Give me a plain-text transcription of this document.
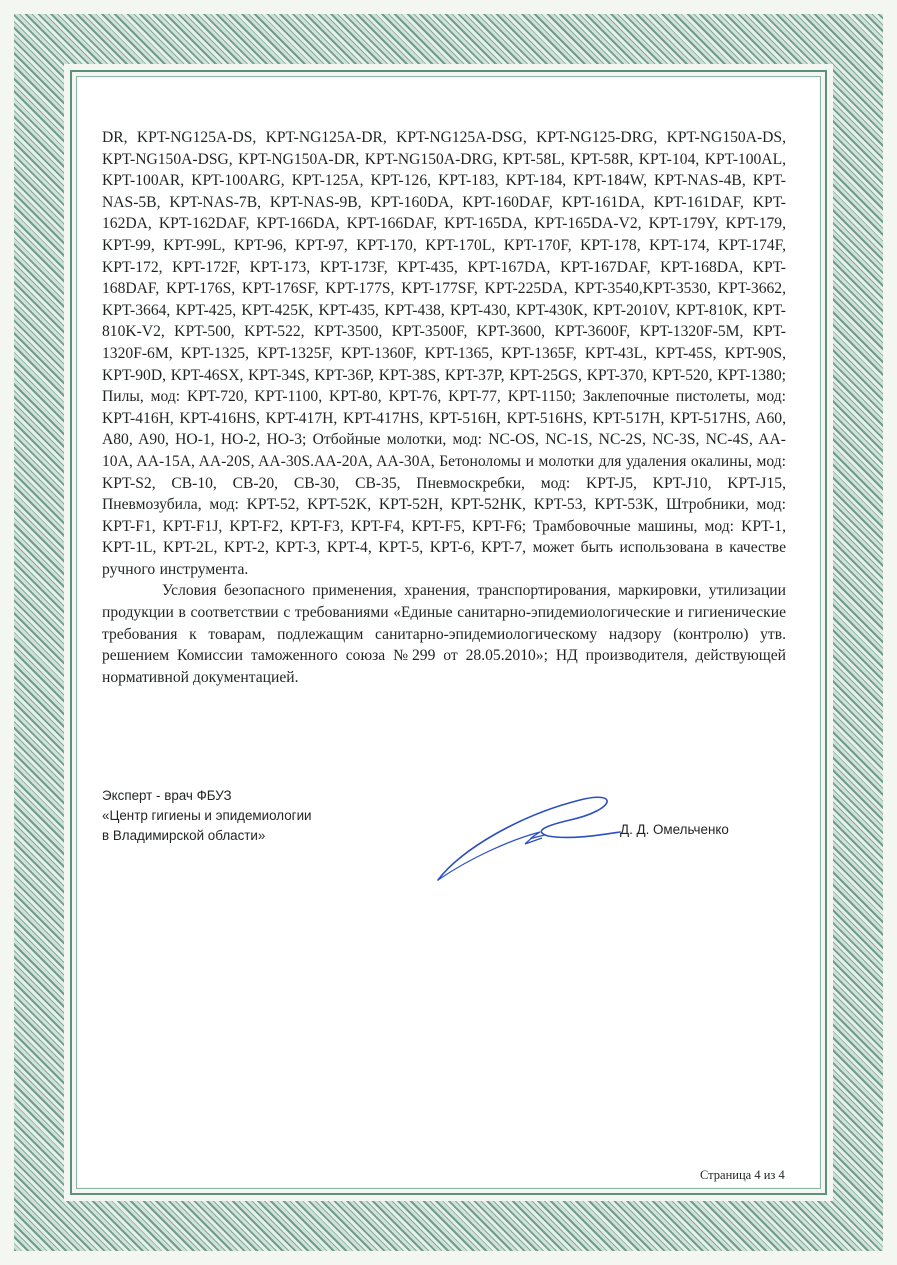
DR, KPT-NG125A-DS, KPT-NG125A-DR, KPT-NG125A-DSG, KPT-NG125-DRG, KPT-NG150A-DS, KPT-NG150A-DSG, KPT-NG150A-DR, KPT-NG150A-DRG, KPT-58L, KPT-58R, KPT-104, KPT-100AL, KPT-100AR, KPT-100ARG, KPT-125A, KPT-126, KPT-183, KPT-184, KPT-184W, KPT-NAS-4B, KPT-NAS-5B, KPT-NAS-7B, KPT-NAS-9B, KPT-160DA, KPT-160DAF, KPT-161DA, KPT-161DAF, KPT-162DA, KPT-162DAF, KPT-166DA, KPT-166DAF, KPT-165DA, KPT-165DA-V2, KPT-179Y, KPT-179, KPT-99, KPT-99L, KPT-96, KPT-97, KPT-170, KPT-170L, KPT-170F, KPT-178, KPT-174, KPT-174F, KPT-172, KPT-172F, KPT-173, KPT-173F, KPT-435, KPT-167DA, KPT-167DAF, KPT-168DA, KPT-168DAF, KPT-176S, KPT-176SF, KPT-177S, KPT-177SF, KPT-225DA, KPT-3540,KPT-3530, KPT-3662, KPT-3664, KPT-425, KPT-425K, KPT-435, KPT-438, KPT-430, KPT-430K, KPT-2010V, KPT-810K, KPT-810K-V2, KPT-500, KPT-522, KPT-3500, KPT-3500F, KPT-3600, KPT-3600F, KPT-1320F-5M, KPT-1320F-6M, KPT-1325, KPT-1325F, KPT-1360F, KPT-1365, KPT-1365F, KPT-43L, KPT-45S, KPT-90S, KPT-90D, KPT-46SX, KPT-34S, KPT-36P, KPT-38S, KPT-37P, KPT-25GS, KPT-370, KPT-520, KPT-1380; Пилы, мод: KPT-720, KPT-1100, KPT-80, KPT-76, KPT-77, KPT-1150; Заклепочные пистолеты, мод: KPT-416H, KPT-416HS, KPT-417H, KPT-417HS, KPT-516H, KPT-516HS, KPT-517H, KPT-517HS, A60, A80, A90, HO-1, HO-2, HO-3; Отбойные молотки, мод: NC-OS, NC-1S, NC-2S, NC-3S, NC-4S, AA-10A, AA-15A, AA-20S, AA-30S.AA-20A, AA-30A, Бетоноломы и молотки для удаления окалины, мод: KPT-S2, CB-10, CB-20, CB-30, CB-35, Пневмоскребки, мод: KPT-J5, KPT-J10, KPT-J15, Пневмозубила, мод: KPT-52, KPT-52K, KPT-52H, KPT-52HK, KPT-53, KPT-53K, Штробники, мод: KPT-F1, KPT-F1J, KPT-F2, KPT-F3, KPT-F4, KPT-F5, KPT-F6; Трамбовочные машины, мод: KPT-1, KPT-1L, KPT-2L, KPT-2, KPT-3, KPT-4, KPT-5, KPT-6, KPT-7, может быть использована в качестве ручного инструмента.

Условия безопасного применения, хранения, транспортирования, маркировки, утилизации продукции в соответствии с требованиями «Единые санитарно-эпидемиологические и гигиенические требования к товарам, подлежащим санитарно-эпидемиологическому надзору (контролю) утв. решением Комиссии таможенного союза №299 от 28.05.2010»; НД производителя, действующей нормативной документацией.

Эксперт - врач ФБУЗ
«Центр гигиены и эпидемиологии
в Владимирской области»	Д. Д. Омельченко
Страница 4 из 4
